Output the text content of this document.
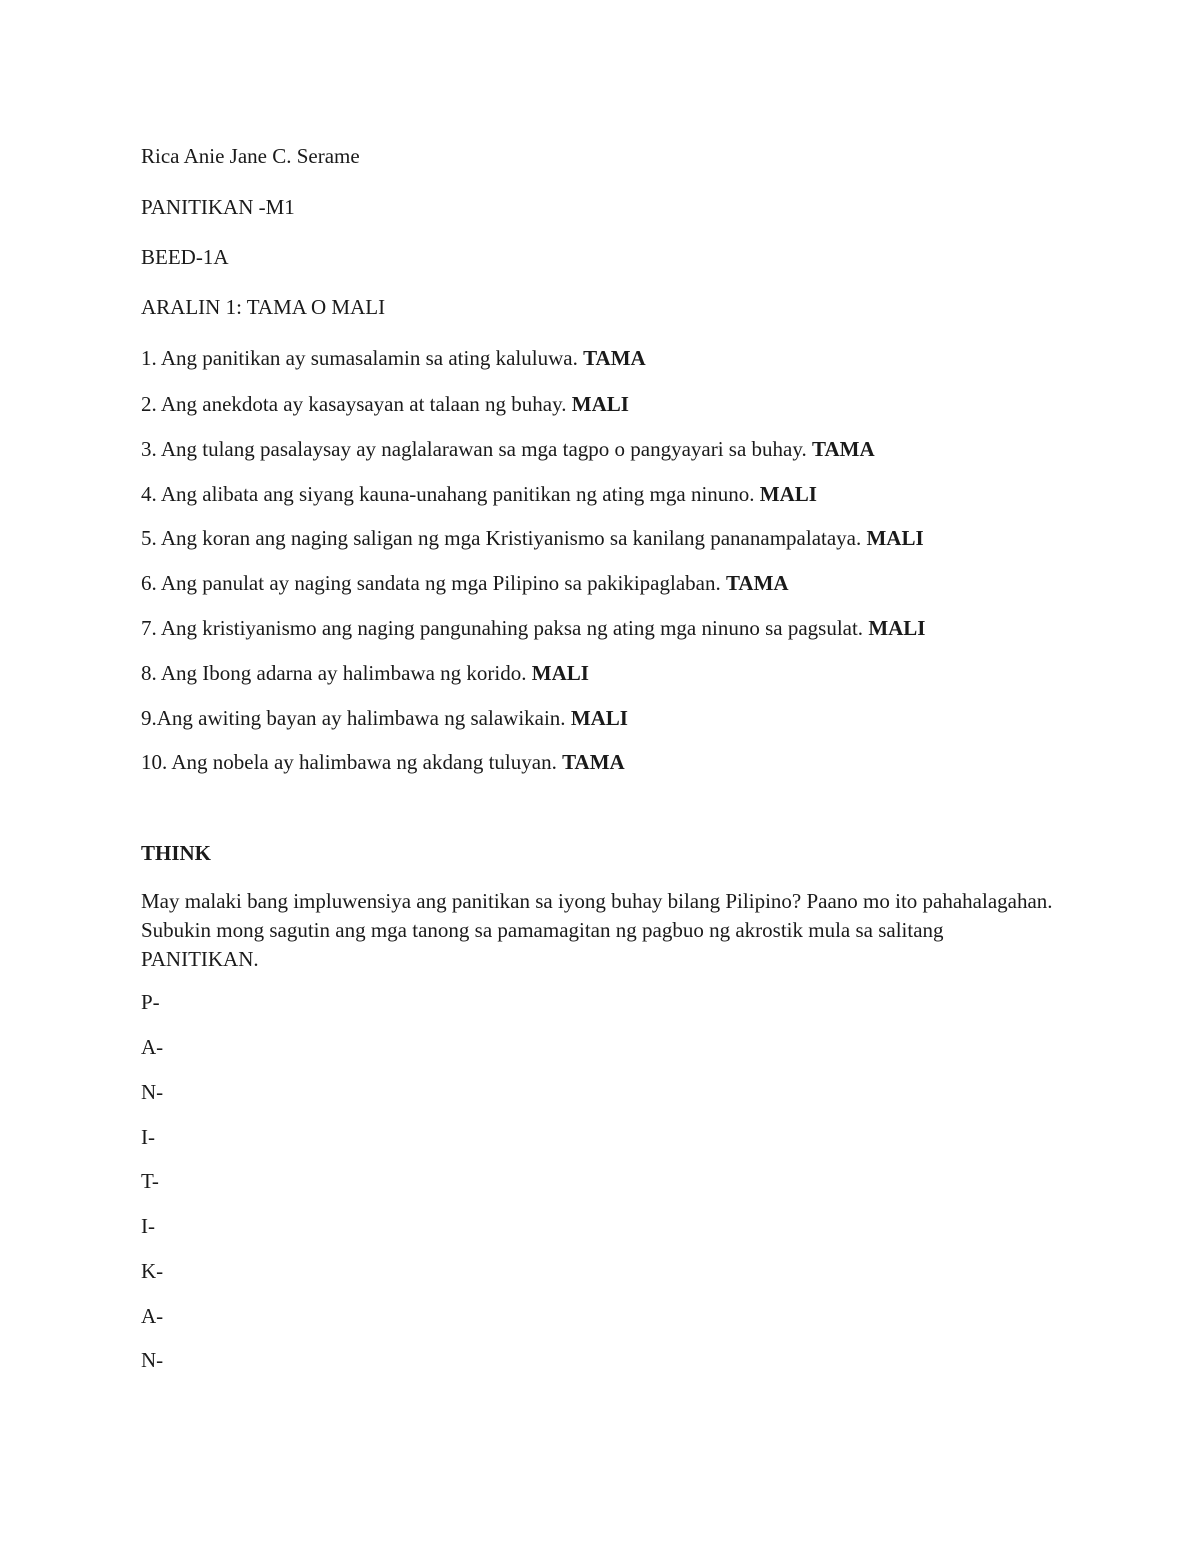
Rica Anie Jane C. Serame
PANITIKAN -M1
BEED-1A
ARALIN 1: TAMA O MALI
1. Ang panitikan ay sumasalamin sa ating kaluluwa. TAMA
2. Ang anekdota ay kasaysayan at talaan ng buhay. MALI
3. Ang tulang pasalaysay ay naglalarawan sa mga tagpo o pangyayari sa buhay. TAMA
4. Ang alibata ang siyang kauna-unahang panitikan ng ating mga ninuno. MALI
5. Ang koran ang naging saligan ng mga Kristiyanismo sa kanilang pananampalataya. MALI
6. Ang panulat ay naging sandata ng mga Pilipino sa pakikipaglaban. TAMA
7. Ang kristiyanismo ang naging pangunahing paksa ng ating mga ninuno sa pagsulat. MALI
8. Ang Ibong adarna ay halimbawa ng korido. MALI
9.Ang awiting bayan ay halimbawa ng salawikain. MALI
10. Ang nobela ay halimbawa ng akdang tuluyan. TAMA
THINK
May malaki bang impluwensiya ang panitikan sa iyong buhay bilang Pilipino? Paano mo ito pahahalagahan. Subukin mong sagutin ang mga tanong sa pamamagitan ng pagbuo ng akrostik mula sa salitang PANITIKAN.
P-
A-
N-
I-
T-
I-
K-
A-
N-
